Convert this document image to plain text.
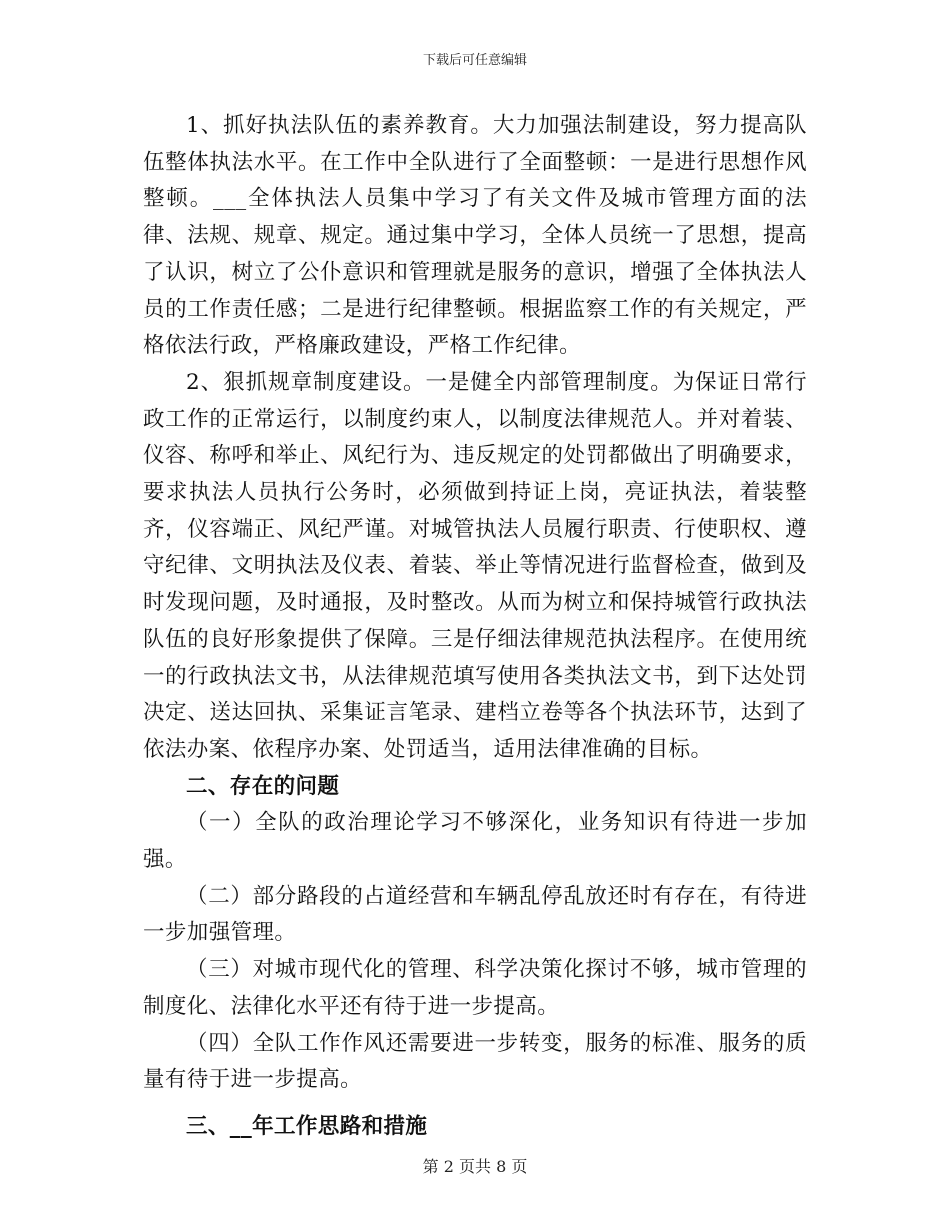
下载后可任意编辑

1、抓好执法队伍的素养教育。大力加强法制建设，努力提高队伍整体执法水平。在工作中全队进行了全面整顿：一是进行思想作风整顿。___全体执法人员集中学习了有关文件及城市管理方面的法律、法规、规章、规定。通过集中学习，全体人员统一了思想，提高了认识，树立了公仆意识和管理就是服务的意识，增强了全体执法人员的工作责任感；二是进行纪律整顿。根据监察工作的有关规定，严格依法行政，严格廉政建设，严格工作纪律。

2、狠抓规章制度建设。一是健全内部管理制度。为保证日常行政工作的正常运行，以制度约束人，以制度法律规范人。并对着装、仪容、称呼和举止、风纪行为、违反规定的处罚都做出了明确要求，要求执法人员执行公务时，必须做到持证上岗，亮证执法，着装整齐，仪容端正、风纪严谨。对城管执法人员履行职责、行使职权、遵守纪律、文明执法及仪表、着装、举止等情况进行监督检查，做到及时发现问题，及时通报，及时整改。从而为树立和保持城管行政执法队伍的良好形象提供了保障。三是仔细法律规范执法程序。在使用统一的行政执法文书，从法律规范填写使用各类执法文书，到下达处罚决定、送达回执、采集证言笔录、建档立卷等各个执法环节，达到了依法办案、依程序办案、处罚适当，适用法律准确的目标。

二、存在的问题

（一）全队的政治理论学习不够深化，业务知识有待进一步加强。

（二）部分路段的占道经营和车辆乱停乱放还时有存在，有待进一步加强管理。

（三）对城市现代化的管理、科学决策化探讨不够，城市管理的制度化、法律化水平还有待于进一步提高。

（四）全队工作作风还需要进一步转变，服务的标准、服务的质量有待于进一步提高。

三、__年工作思路和措施

第 2 页共 8 页
